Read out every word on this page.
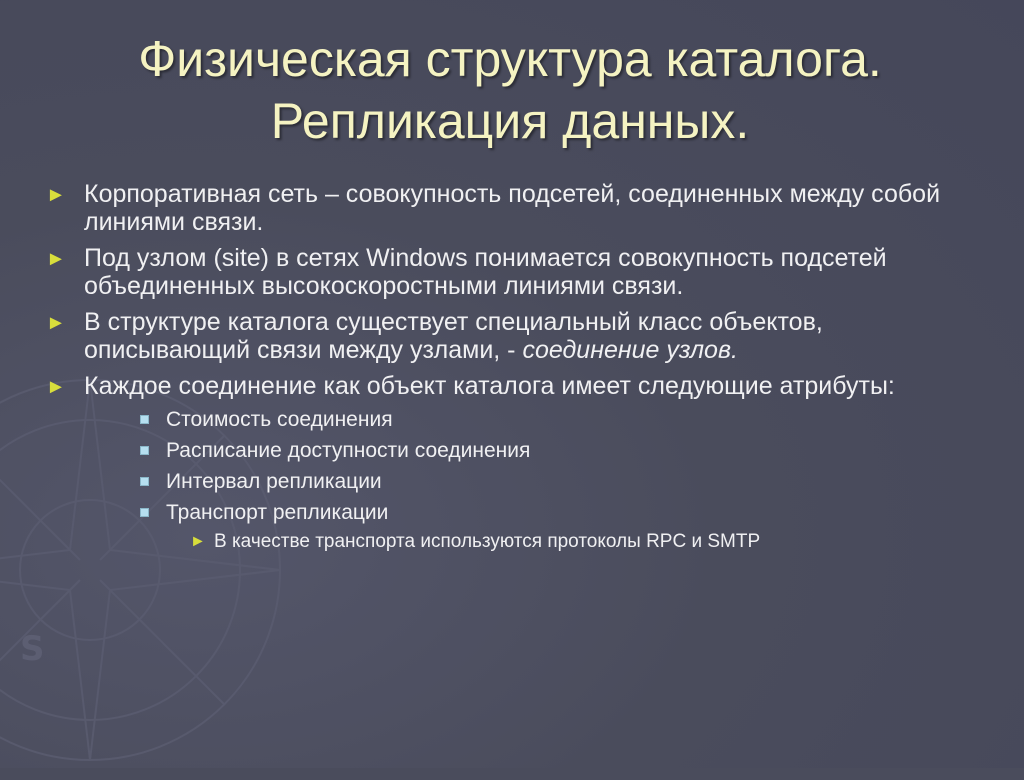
S
Физическая структура каталога.
Репликация данных.
► Корпоративная сеть – совокупность подсетей, соединенных между собой линиями связи.
► Под узлом (site) в сетях Windows понимается совокупность подсетей объединенных высокоскоростными линиями связи.
► В структуре каталога существует специальный класс объектов, описывающий связи между узлами, - соединение узлов.
► Каждое соединение как объект каталога имеет следующие атрибуты:
Стоимость соединения
Расписание доступности соединения
Интервал репликации
Транспорт репликации
► В качестве транспорта используются протоколы RPC и SMTP
